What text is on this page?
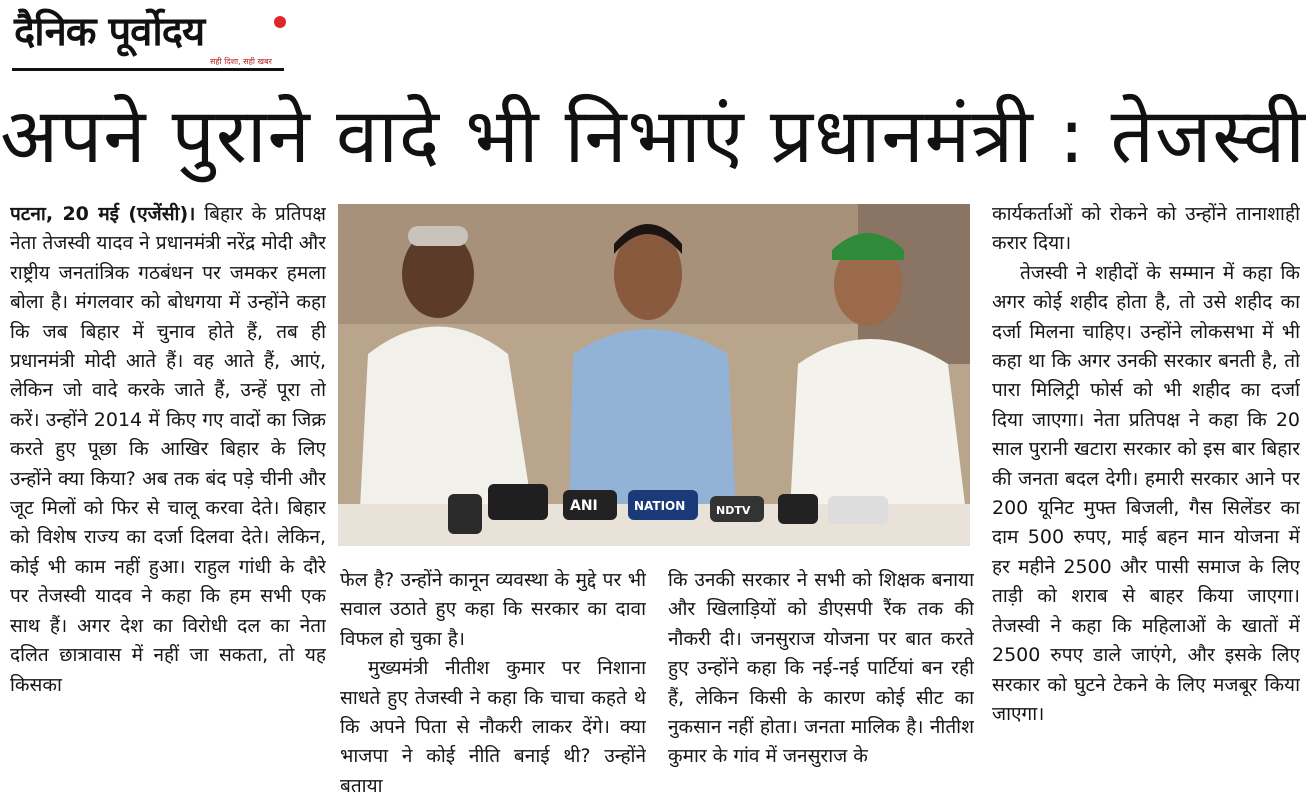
दैनिक पूर्वोदय
सही दिशा, सही खबर
अपने पुराने वादे भी निभाएं प्रधानमंत्री : तेजस्वी

पटना, 20 मई (एजेंसी)। बिहार के प्रतिपक्ष नेता तेजस्वी यादव ने प्रधानमंत्री नरेंद्र मोदी और राष्ट्रीय जनतांत्रिक गठबंधन पर जमकर हमला बोला है। मंगलवार को बोधगया में उन्होंने कहा कि जब बिहार में चुनाव होते हैं, तब ही प्रधानमंत्री मोदी आते हैं। वह आते हैं, आएं, लेकिन जो वादे करके जाते हैं, उन्हें पूरा तो करें। उन्होंने 2014 में किए गए वादों का जिक्र करते हुए पूछा कि आखिर बिहार के लिए उन्होंने क्या किया? अब तक बंद पड़े चीनी और जूट मिलों को फिर से चालू करवा देते। बिहार को विशेष राज्य का दर्जा दिलवा देते। लेकिन, कोई भी काम नहीं हुआ। राहुल गांधी के दौरे पर तेजस्वी यादव ने कहा कि हम सभी एक साथ हैं। अगर देश का विरोधी दल का नेता दलित छात्रावास में नहीं जा सकता, तो यह किसका

ANI	NATION	NDTV

फेल है? उन्होंने कानून व्यवस्था के मुद्दे पर भी सवाल उठाते हुए कहा कि सरकार का दावा विफल हो चुका है।

मुख्यमंत्री नीतीश कुमार पर निशाना साधते हुए तेजस्वी ने कहा कि चाचा कहते थे कि अपने पिता से नौकरी लाकर देंगे। क्या भाजपा ने कोई नीति बनाई थी? उन्होंने बताया

कि उनकी सरकार ने सभी को शिक्षक बनाया और खिलाड़ियों को डीएसपी रैंक तक की नौकरी दी। जनसुराज योजना पर बात करते हुए उन्होंने कहा कि नई-नई पार्टियां बन रही हैं, लेकिन किसी के कारण कोई सीट का नुकसान नहीं होता। जनता मालिक है। नीतीश कुमार के गांव में जनसुराज के

कार्यकर्ताओं को रोकने को उन्होंने तानाशाही करार दिया।

तेजस्वी ने शहीदों के सम्मान में कहा कि अगर कोई शहीद होता है, तो उसे शहीद का दर्जा मिलना चाहिए। उन्होंने लोकसभा में भी कहा था कि अगर उनकी सरकार बनती है, तो पारा मिलिट्री फोर्स को भी शहीद का दर्जा दिया जाएगा। नेता प्रतिपक्ष ने कहा कि 20 साल पुरानी खटारा सरकार को इस बार बिहार की जनता बदल देगी। हमारी सरकार आने पर 200 यूनिट मुफ्त बिजली, गैस सिलेंडर का दाम 500 रुपए, माई बहन मान योजना में हर महीने 2500 और पासी समाज के लिए ताड़ी को शराब से बाहर किया जाएगा। तेजस्वी ने कहा कि महिलाओं के खातों में 2500 रुपए डाले जाएंगे, और इसके लिए सरकार को घुटने टेकने के लिए मजबूर किया जाएगा।
